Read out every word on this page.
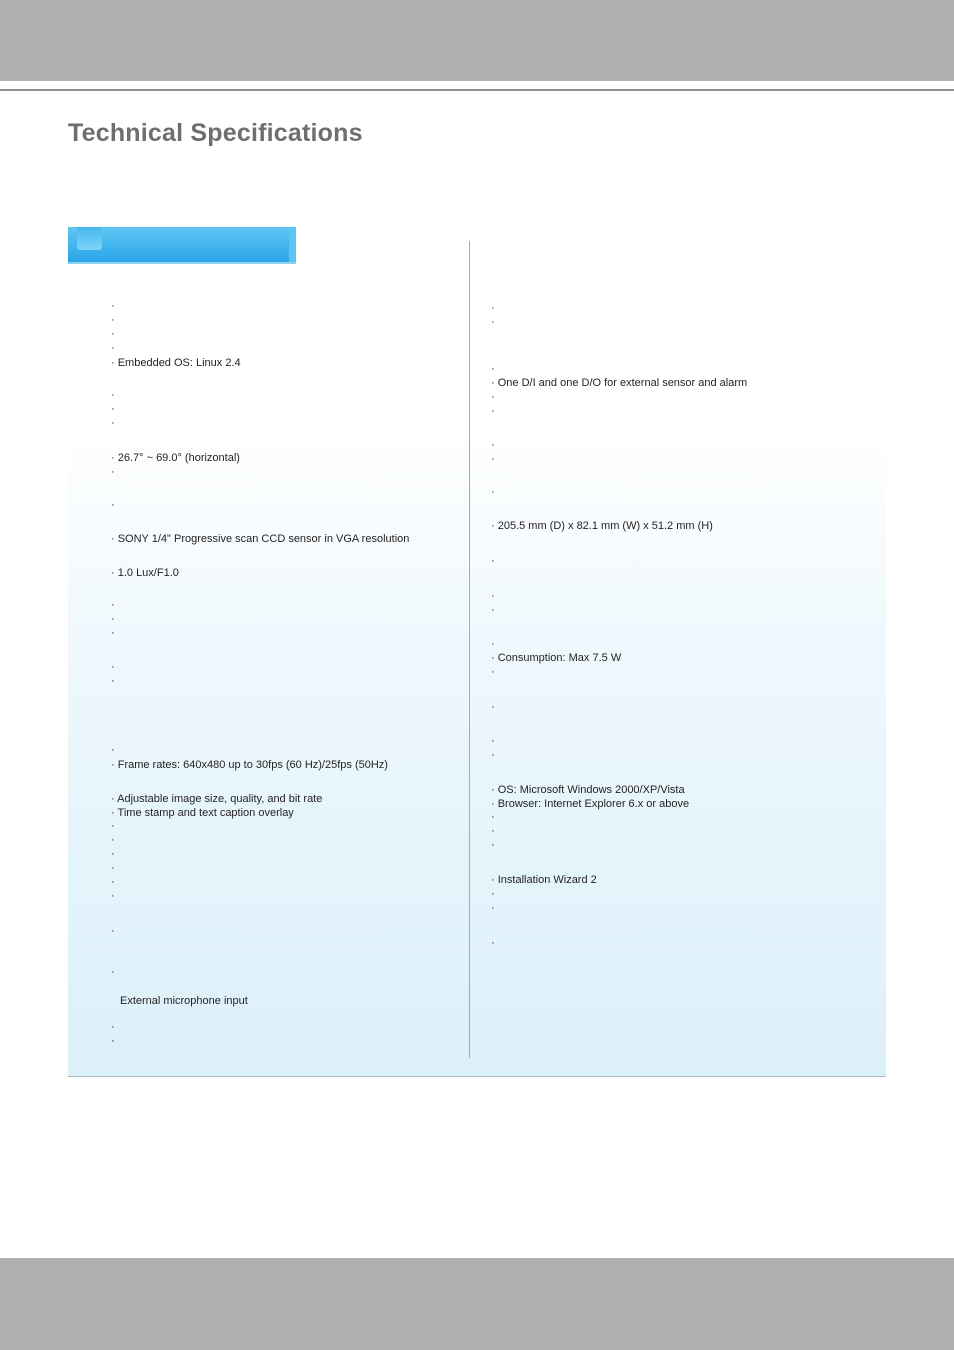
Technical Specifications
·
·
·
·
· Embedded OS: Linux 2.4
·
·
·
· 26.7° ~ 69.0° (horizontal)
·
·
· SONY 1/4" Progressive scan CCD sensor in VGA resolution
· 1.0 Lux/F1.0
·
·
·
·
·
·
· Frame rates: 640x480 up to 30fps (60 Hz)/25fps (50Hz)
· Adjustable image size, quality, and bit rate
· Time stamp and text caption overlay
·
·
·
·
·
·
·
·
External microphone input
·
·
·
·
·
· One D/I and one D/O for external sensor and alarm
·
·
·
·
·
· 205.5 mm (D) x 82.1 mm (W) x 51.2 mm (H)
·
·
·
·
· Consumption: Max 7.5 W
·
·
·
·
· OS: Microsoft Windows 2000/XP/Vista
· Browser: Internet Explorer 6.x or above
·
·
·
· Installation Wizard 2
·
·
·
